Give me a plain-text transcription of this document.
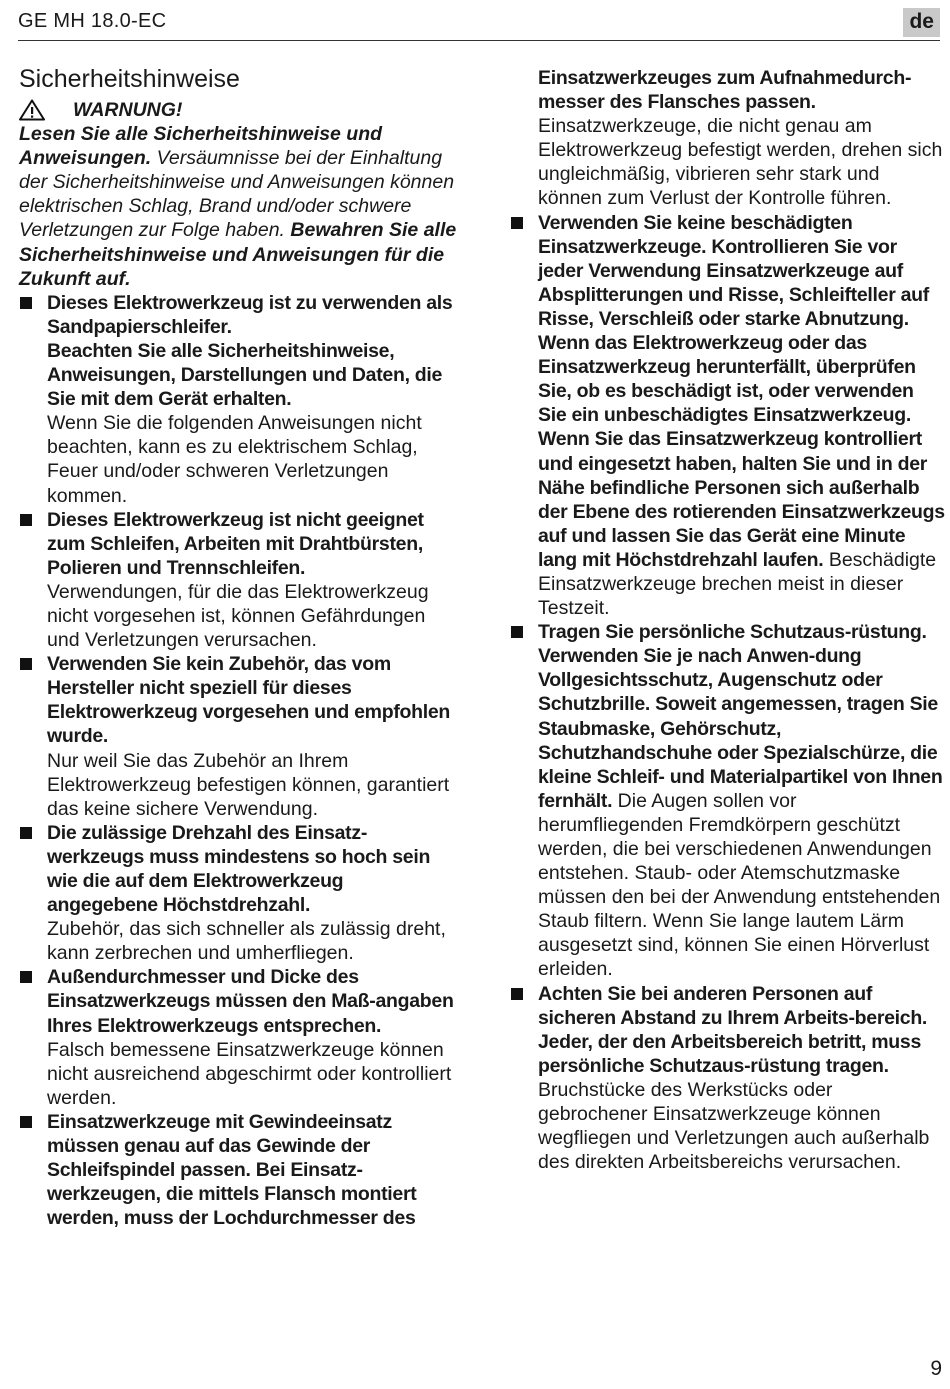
GE MH 18.0-EC	de
Sicherheitshinweise
WARNUNG!
Lesen Sie alle Sicherheitshinweise und Anweisungen. Versäumnisse bei der Einhaltung der Sicherheitshinweise und Anweisungen können elektrischen Schlag, Brand und/oder schwere Verletzungen zur Folge haben. Bewahren Sie alle Sicherheitshinweise und Anweisungen für die Zukunft auf.
Dieses Elektrowerkzeug ist zu verwenden als Sandpapierschleifer.
Beachten Sie alle Sicherheitshinweise, Anweisungen, Darstellungen und Daten, die Sie mit dem Gerät erhalten.
Wenn Sie die folgenden Anweisungen nicht beachten, kann es zu elektrischem Schlag, Feuer und/oder schweren Verletzungen kommen.
Dieses Elektrowerkzeug ist nicht geeignet zum Schleifen, Arbeiten mit Drahtbürsten, Polieren und Trennschleifen.
Verwendungen, für die das Elektrowerkzeug nicht vorgesehen ist, können Gefährdungen und Verletzungen verursachen.
Verwenden Sie kein Zubehör, das vom Hersteller nicht speziell für dieses Elektrowerkzeug vorgesehen und empfohlen wurde.
Nur weil Sie das Zubehör an Ihrem Elektrowerkzeug befestigen können, garantiert das keine sichere Verwendung.
Die zulässige Drehzahl des Einsatz-werkzeugs muss mindestens so hoch sein wie die auf dem Elektrowerkzeug angegebene Höchstdrehzahl.
Zubehör, das sich schneller als zulässig dreht, kann zerbrechen und umherfliegen.
Außendurchmesser und Dicke des Einsatzwerkzeugs müssen den Maß-angaben Ihres Elektrowerkzeugs entsprechen.
Falsch bemessene Einsatzwerkzeuge können nicht ausreichend abgeschirmt oder kontrolliert werden.
Einsatzwerkzeuge mit Gewindeeinsatz müssen genau auf das Gewinde der Schleifspindel passen. Bei Einsatz-werkzeugen, die mittels Flansch montiert werden, muss der Lochdurchmesser des
Einsatzwerkzeuges zum Aufnahmedurch-messer des Flansches passen.
Einsatzwerkzeuge, die nicht genau am Elektrowerkzeug befestigt werden, drehen sich ungleichmäßig, vibrieren sehr stark und können zum Verlust der Kontrolle führen.
Verwenden Sie keine beschädigten Einsatzwerkzeuge. Kontrollieren Sie vor jeder Verwendung Einsatzwerkzeuge auf Absplitterungen und Risse, Schleifteller auf Risse, Verschleiß oder starke Abnutzung. Wenn das Elektrowerkzeug oder das Einsatzwerkzeug herunterfällt, überprüfen Sie, ob es beschädigt ist, oder verwenden Sie ein unbeschädigtes Einsatzwerkzeug. Wenn Sie das Einsatzwerkzeug kontrolliert und eingesetzt haben, halten Sie und in der Nähe befindliche Personen sich außerhalb der Ebene des rotierenden Einsatzwerkzeugs auf und lassen Sie das Gerät eine Minute lang mit Höchstdrehzahl laufen. Beschädigte Einsatzwerkzeuge brechen meist in dieser Testzeit.
Tragen Sie persönliche Schutzaus-rüstung. Verwenden Sie je nach Anwen-dung Vollgesichtsschutz, Augenschutz oder Schutzbrille. Soweit angemessen, tragen Sie Staubmaske, Gehörschutz, Schutzhandschuhe oder Spezialschürze, die kleine Schleif- und Materialpartikel von Ihnen fernhält. Die Augen sollen vor herumfliegenden Fremdkörpern geschützt werden, die bei verschiedenen Anwendungen entstehen. Staub- oder Atemschutzmaske müssen den bei der Anwendung entstehenden Staub filtern. Wenn Sie lange lautem Lärm ausgesetzt sind, können Sie einen Hörverlust erleiden.
Achten Sie bei anderen Personen auf sicheren Abstand zu Ihrem Arbeits-bereich. Jeder, der den Arbeitsbereich betritt, muss persönliche Schutzaus-rüstung tragen. Bruchstücke des Werkstücks oder gebrochener Einsatzwerkzeuge können wegfliegen und Verletzungen auch außerhalb des direkten Arbeitsbereichs verursachen.
9
